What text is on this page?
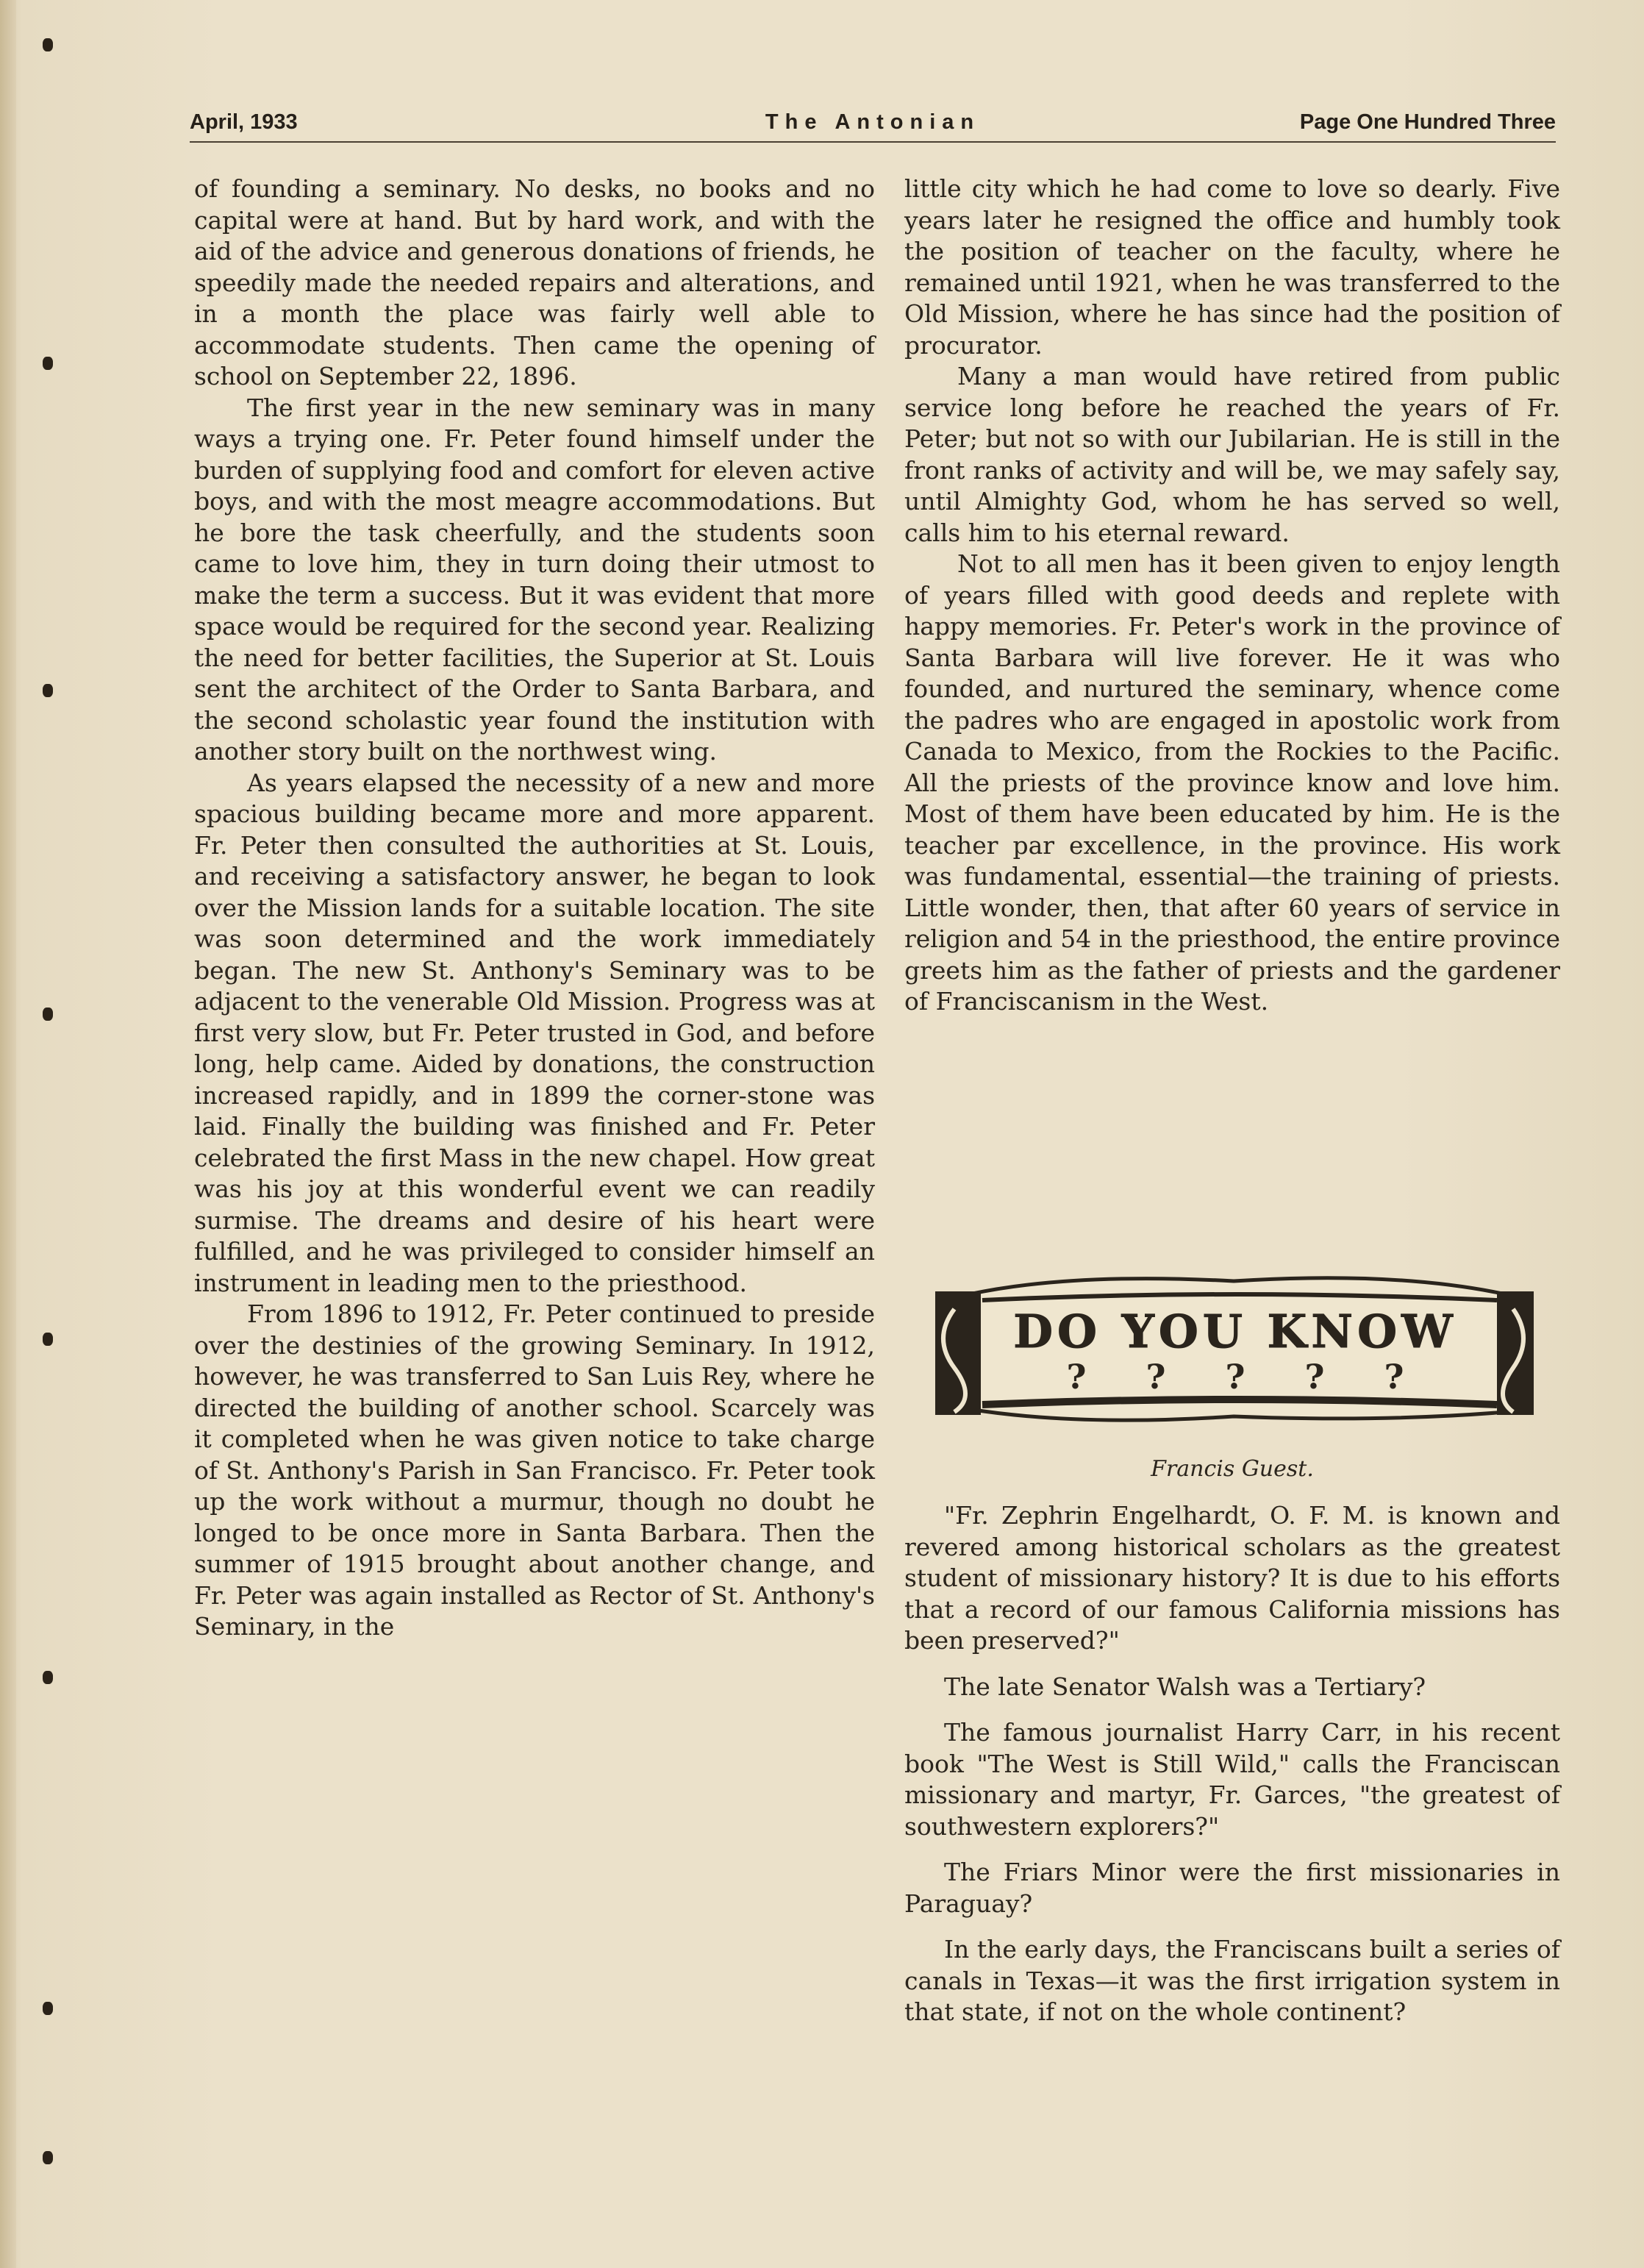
April, 1933	The Antonian	Page One Hundred Three

of founding a seminary. No desks, no books and no capital were at hand. But by hard work, and with the aid of the advice and generous donations of friends, he speedily made the needed repairs and alterations, and in a month the place was fairly well able to accommodate students. Then came the opening of school on September 22, 1896.

The first year in the new seminary was in many ways a trying one. Fr. Peter found himself under the burden of supplying food and comfort for eleven active boys, and with the most meagre accommodations. But he bore the task cheerfully, and the students soon came to love him, they in turn doing their utmost to make the term a success. But it was evident that more space would be required for the second year. Realizing the need for better facilities, the Superior at St. Louis sent the architect of the Order to Santa Barbara, and the second scholastic year found the institution with another story built on the northwest wing.

As years elapsed the necessity of a new and more spacious building became more and more apparent. Fr. Peter then consulted the authorities at St. Louis, and receiving a satisfactory answer, he began to look over the Mission lands for a suitable location. The site was soon determined and the work immediately began. The new St. Anthony's Seminary was to be adjacent to the venerable Old Mission. Progress was at first very slow, but Fr. Peter trusted in God, and before long, help came. Aided by donations, the construction increased rapidly, and in 1899 the corner-stone was laid. Finally the building was finished and Fr. Peter celebrated the first Mass in the new chapel. How great was his joy at this wonderful event we can readily surmise. The dreams and desire of his heart were fulfilled, and he was privileged to consider himself an instrument in leading men to the priesthood.

From 1896 to 1912, Fr. Peter continued to preside over the destinies of the growing Seminary. In 1912, however, he was transferred to San Luis Rey, where he directed the building of another school. Scarcely was it completed when he was given notice to take charge of St. Anthony's Parish in San Francisco. Fr. Peter took up the work without a murmur, though no doubt he longed to be once more in Santa Barbara. Then the summer of 1915 brought about another change, and Fr. Peter was again installed as Rector of St. Anthony's Seminary, in the

little city which he had come to love so dearly. Five years later he resigned the office and humbly took the position of teacher on the faculty, where he remained until 1921, when he was transferred to the Old Mission, where he has since had the position of procurator.

Many a man would have retired from public service long before he reached the years of Fr. Peter; but not so with our Jubilarian. He is still in the front ranks of activity and will be, we may safely say, until Almighty God, whom he has served so well, calls him to his eternal reward.

Not to all men has it been given to enjoy length of years filled with good deeds and replete with happy memories. Fr. Peter's work in the province of Santa Barbara will live forever. He it was who founded, and nurtured the seminary, whence come the padres who are engaged in apostolic work from Canada to Mexico, from the Rockies to the Pacific. All the priests of the province know and love him. Most of them have been educated by him. He is the teacher par excellence, in the province. His work was fundamental, essential—the training of priests. Little wonder, then, that after 60 years of service in religion and 54 in the priesthood, the entire province greets him as the father of priests and the gardener of Franciscanism in the West.

DO YOU KNOW
? ? ? ? ?
Francis Guest.

"Fr. Zephrin Engelhardt, O. F. M. is known and revered among historical scholars as the greatest student of missionary history? It is due to his efforts that a record of our famous California missions has been preserved?"

The late Senator Walsh was a Tertiary?

The famous journalist Harry Carr, in his recent book "The West is Still Wild," calls the Franciscan missionary and martyr, Fr. Garces, "the greatest of southwestern explorers?"

The Friars Minor were the first missionaries in Paraguay?

In the early days, the Franciscans built a series of canals in Texas—it was the first irrigation system in that state, if not on the whole continent?
